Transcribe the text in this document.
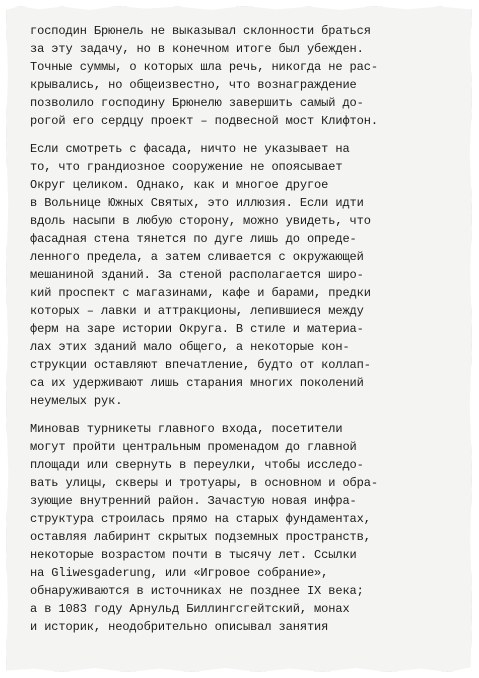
господин Брюнель не выказывал склонности браться
за эту задачу, но в конечном итоге был убежден.
Точные суммы, о которых шла речь, никогда не рас-
крывались, но общеизвестно, что вознаграждение
позволило господину Брюнелю завершить самый до-
рогой его сердцу проект – подвесной мост Клифтон.
Если смотреть с фасада, ничто не указывает на
то, что грандиозное сооружение не опоясывает
Округ целиком. Однако, как и многое другое
в Вольнице Южных Святых, это иллюзия. Если идти
вдоль насыпи в любую сторону, можно увидеть, что
фасадная стена тянется по дуге лишь до опреде-
ленного предела, а затем сливается с окружающей
мешаниной зданий. За стеной располагается широ-
кий проспект с магазинами, кафе и барами, предки
которых – лавки и аттракционы, лепившиеся между
ферм на заре истории Округа. В стиле и материа-
лах этих зданий мало общего, а некоторые кон-
струкции оставляют впечатление, будто от коллап-
са их удерживают лишь старания многих поколений
неумелых рук.
Миновав турникеты главного входа, посетители
могут пройти центральным променадом до главной
площади или свернуть в переулки, чтобы исследо-
вать улицы, скверы и тротуары, в основном и обра-
зующие внутренний район. Зачастую новая инфра-
структура строилась прямо на старых фундаментах,
оставляя лабиринт скрытых подземных пространств,
некоторые возрастом почти в тысячу лет. Ссылки
на Gliwesgaderung, или «Игровое собрание»,
обнаруживаются в источниках не позднее IX века;
а в 1083 году Арнульд Биллингсгейтский, монах
и историк, неодобрительно описывал занятия
